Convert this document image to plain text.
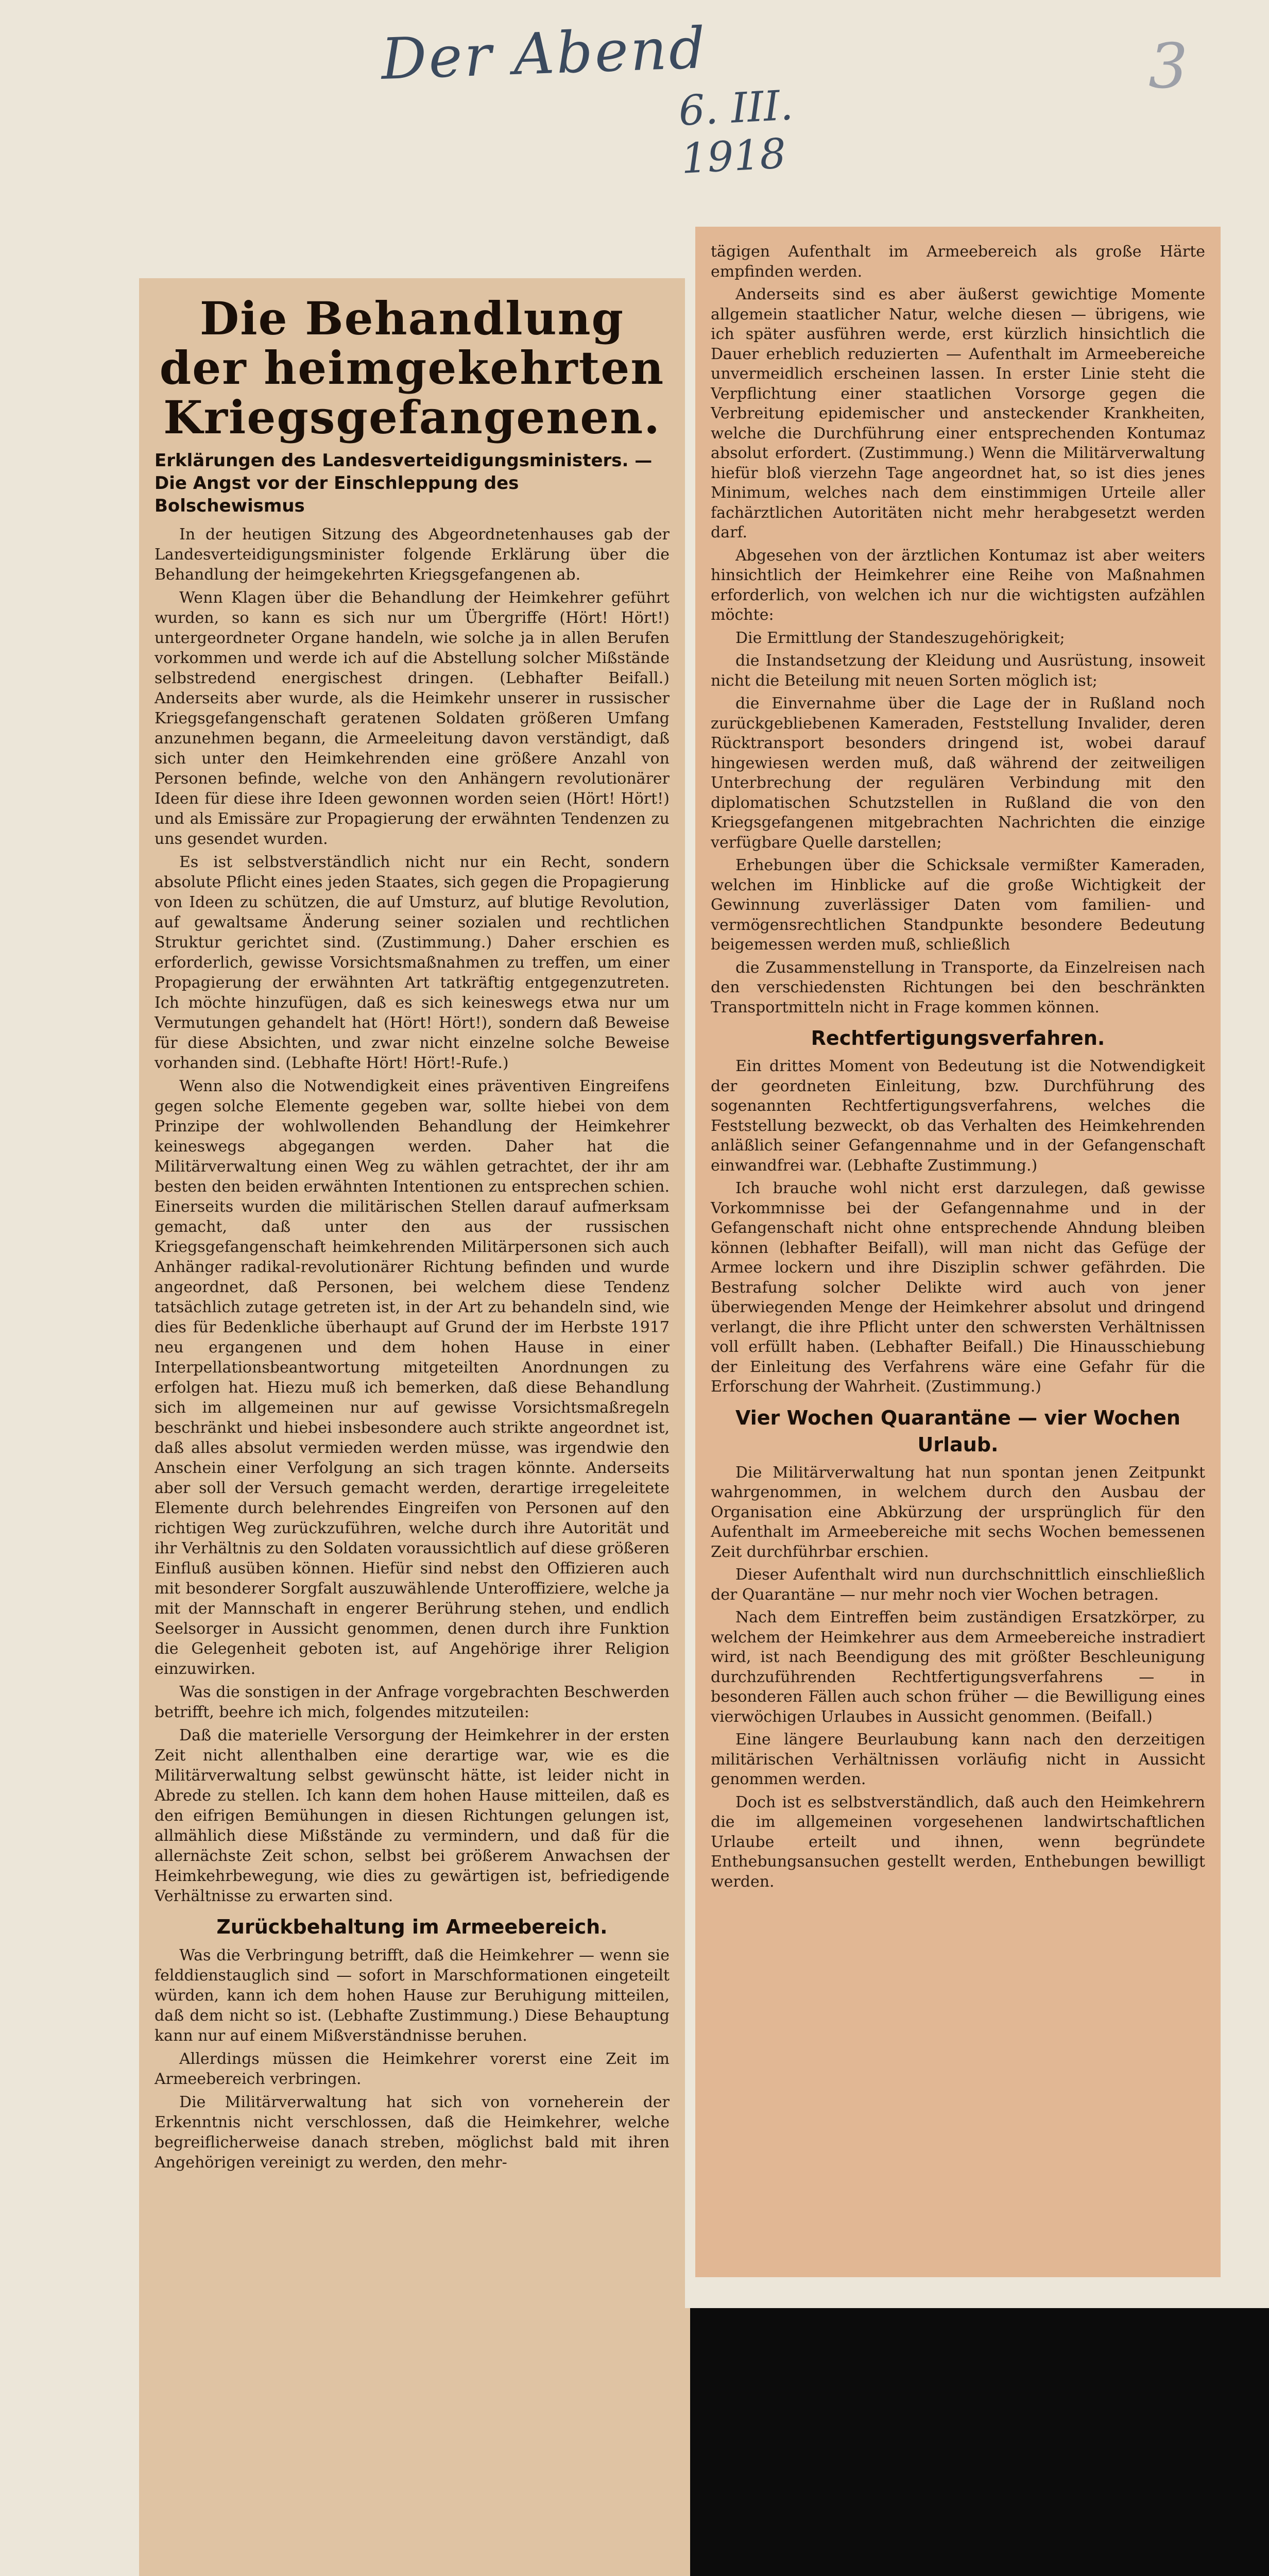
Der Abend
6. III. 1918
3
Die Behandlung der heimgekehrten Kriegsgefangenen.
Erklärungen des Landesverteidigungsministers. — Die Angst vor der Einschleppung des Bolschewismus

In der heutigen Sitzung des Abgeordnetenhauses gab der Landesverteidigungsminister folgende Erklärung über die Behandlung der heimgekehrten Kriegsgefangenen ab.

Wenn Klagen über die Behandlung der Heimkehrer geführt wurden, so kann es sich nur um Übergriffe (Hört! Hört!) untergeordneter Organe handeln, wie solche ja in allen Berufen vorkommen und werde ich auf die Abstellung solcher Mißstände selbstredend energischest dringen. (Lebhafter Beifall.) Anderseits aber wurde, als die Heimkehr unserer in russischer Kriegsgefangenschaft geratenen Soldaten größeren Umfang anzunehmen begann, die Armeeleitung davon verständigt, daß sich unter den Heimkehrenden eine größere Anzahl von Personen befinde, welche von den Anhängern revolutionärer Ideen für diese ihre Ideen gewonnen worden seien (Hört! Hört!) und als Emissäre zur Propagierung der erwähnten Tendenzen zu uns gesendet wurden.

Es ist selbstverständlich nicht nur ein Recht, sondern absolute Pflicht eines jeden Staates, sich gegen die Propagierung von Ideen zu schützen, die auf Umsturz, auf blutige Revolution, auf gewaltsame Änderung seiner sozialen und rechtlichen Struktur gerichtet sind. (Zustimmung.) Daher erschien es erforderlich, gewisse Vorsichtsmaßnahmen zu treffen, um einer Propagierung der erwähnten Art tatkräftig entgegenzutreten. Ich möchte hinzufügen, daß es sich keineswegs etwa nur um Vermutungen gehandelt hat (Hört! Hört!), sondern daß Beweise für diese Absichten, und zwar nicht einzelne solche Beweise vorhanden sind. (Lebhafte Hört! Hört!-Rufe.)

Wenn also die Notwendigkeit eines präventiven Eingreifens gegen solche Elemente gegeben war, sollte hiebei von dem Prinzipe der wohlwollenden Behandlung der Heimkehrer keineswegs abgegangen werden. Daher hat die Militärverwaltung einen Weg zu wählen getrachtet, der ihr am besten den beiden erwähnten Intentionen zu entsprechen schien. Einerseits wurden die militärischen Stellen darauf aufmerksam gemacht, daß unter den aus der russischen Kriegsgefangenschaft heimkehrenden Militärpersonen sich auch Anhänger radikal-revolutionärer Richtung befinden und wurde angeordnet, daß Personen, bei welchem diese Tendenz tatsächlich zutage getreten ist, in der Art zu behandeln sind, wie dies für Bedenkliche überhaupt auf Grund der im Herbste 1917 neu ergangenen und dem hohen Hause in einer Interpellationsbeantwortung mitgeteilten Anordnungen zu erfolgen hat. Hiezu muß ich bemerken, daß diese Behandlung sich im allgemeinen nur auf gewisse Vorsichtsmaßregeln beschränkt und hiebei insbesondere auch strikte angeordnet ist, daß alles absolut vermieden werden müsse, was irgendwie den Anschein einer Verfolgung an sich tragen könnte. Anderseits aber soll der Versuch gemacht werden, derartige irregeleitete Elemente durch belehrendes Eingreifen von Personen auf den richtigen Weg zurückzuführen, welche durch ihre Autorität und ihr Verhältnis zu den Soldaten voraussichtlich auf diese größeren Einfluß ausüben können. Hiefür sind nebst den Offizieren auch mit besonderer Sorgfalt auszuwählende Unteroffiziere, welche ja mit der Mannschaft in engerer Berührung stehen, und endlich Seelsorger in Aussicht genommen, denen durch ihre Funktion die Gelegenheit geboten ist, auf Angehörige ihrer Religion einzuwirken.

Was die sonstigen in der Anfrage vorgebrachten Beschwerden betrifft, beehre ich mich, folgendes mitzuteilen:

Daß die materielle Versorgung der Heimkehrer in der ersten Zeit nicht allenthalben eine derartige war, wie es die Militärverwaltung selbst gewünscht hätte, ist leider nicht in Abrede zu stellen. Ich kann dem hohen Hause mitteilen, daß es den eifrigen Bemühungen in diesen Richtungen gelungen ist, allmählich diese Mißstände zu vermindern, und daß für die allernächste Zeit schon, selbst bei größerem Anwachsen der Heimkehrbewegung, wie dies zu gewärtigen ist, befriedigende Verhältnisse zu erwarten sind.

Zurückbehaltung im Armeebereich.

Was die Verbringung betrifft, daß die Heimkehrer — wenn sie felddienstauglich sind — sofort in Marschformationen eingeteilt würden, kann ich dem hohen Hause zur Beruhigung mitteilen, daß dem nicht so ist. (Lebhafte Zustimmung.) Diese Behauptung kann nur auf einem Mißverständnisse beruhen.

Allerdings müssen die Heimkehrer vorerst eine Zeit im Armeebereich verbringen.

Die Militärverwaltung hat sich von vorneherein der Erkenntnis nicht verschlossen, daß die Heimkehrer, welche begreiflicherweise danach streben, möglichst bald mit ihren Angehörigen vereinigt zu werden, den mehr-

tägigen Aufenthalt im Armeebereich als große Härte empfinden werden.

Anderseits sind es aber äußerst gewichtige Momente allgemein staatlicher Natur, welche diesen — übrigens, wie ich später ausführen werde, erst kürzlich hinsichtlich die Dauer erheblich reduzierten — Aufenthalt im Armeebereiche unvermeidlich erscheinen lassen. In erster Linie steht die Verpflichtung einer staatlichen Vorsorge gegen die Verbreitung epidemischer und ansteckender Krankheiten, welche die Durchführung einer entsprechenden Kontumaz absolut erfordert. (Zustimmung.) Wenn die Militärverwaltung hiefür bloß vierzehn Tage angeordnet hat, so ist dies jenes Minimum, welches nach dem einstimmigen Urteile aller fachärztlichen Autoritäten nicht mehr herabgesetzt werden darf.

Abgesehen von der ärztlichen Kontumaz ist aber weiters hinsichtlich der Heimkehrer eine Reihe von Maßnahmen erforderlich, von welchen ich nur die wichtigsten aufzählen möchte:

Die Ermittlung der Standeszugehörigkeit;

die Instandsetzung der Kleidung und Ausrüstung, insoweit nicht die Beteilung mit neuen Sorten möglich ist;

die Einvernahme über die Lage der in Rußland noch zurückgebliebenen Kameraden, Feststellung Invalider, deren Rücktransport besonders dringend ist, wobei darauf hingewiesen werden muß, daß während der zeitweiligen Unterbrechung der regulären Verbindung mit den diplomatischen Schutzstellen in Rußland die von den Kriegsgefangenen mitgebrachten Nachrichten die einzige verfügbare Quelle darstellen;

Erhebungen über die Schicksale vermißter Kameraden, welchen im Hinblicke auf die große Wichtigkeit der Gewinnung zuverlässiger Daten vom familien- und vermögensrechtlichen Standpunkte besondere Bedeutung beigemessen werden muß, schließlich

die Zusammenstellung in Transporte, da Einzelreisen nach den verschiedensten Richtungen bei den beschränkten Transportmitteln nicht in Frage kommen können.

Rechtfertigungsverfahren.

Ein drittes Moment von Bedeutung ist die Notwendigkeit der geordneten Einleitung, bzw. Durchführung des sogenannten Rechtfertigungsverfahrens, welches die Feststellung bezweckt, ob das Verhalten des Heimkehrenden anläßlich seiner Gefangennahme und in der Gefangenschaft einwandfrei war. (Lebhafte Zustimmung.)

Ich brauche wohl nicht erst darzulegen, daß gewisse Vorkommnisse bei der Gefangennahme und in der Gefangenschaft nicht ohne entsprechende Ahndung bleiben können (lebhafter Beifall), will man nicht das Gefüge der Armee lockern und ihre Disziplin schwer gefährden. Die Bestrafung solcher Delikte wird auch von jener überwiegenden Menge der Heimkehrer absolut und dringend verlangt, die ihre Pflicht unter den schwersten Verhältnissen voll erfüllt haben. (Lebhafter Beifall.) Die Hinausschiebung der Einleitung des Verfahrens wäre eine Gefahr für die Erforschung der Wahrheit. (Zustimmung.)

Vier Wochen Quarantäne — vier Wochen Urlaub.

Die Militärverwaltung hat nun spontan jenen Zeitpunkt wahrgenommen, in welchem durch den Ausbau der Organisation eine Abkürzung der ursprünglich für den Aufenthalt im Armeebereiche mit sechs Wochen bemessenen Zeit durchführbar erschien.

Dieser Aufenthalt wird nun durchschnittlich einschließlich der Quarantäne — nur mehr noch vier Wochen betragen.

Nach dem Eintreffen beim zuständigen Ersatzkörper, zu welchem der Heimkehrer aus dem Armeebereiche instradiert wird, ist nach Beendigung des mit größter Beschleunigung durchzuführenden Rechtfertigungsverfahrens — in besonderen Fällen auch schon früher — die Bewilligung eines vierwöchigen Urlaubes in Aussicht genommen. (Beifall.)

Eine längere Beurlaubung kann nach den derzeitigen militärischen Verhältnissen vorläufig nicht in Aussicht genommen werden.

Doch ist es selbstverständlich, daß auch den Heimkehrern die im allgemeinen vorgesehenen landwirtschaftlichen Urlaube erteilt und ihnen, wenn begründete Enthebungsansuchen gestellt werden, Enthebungen bewilligt werden.
